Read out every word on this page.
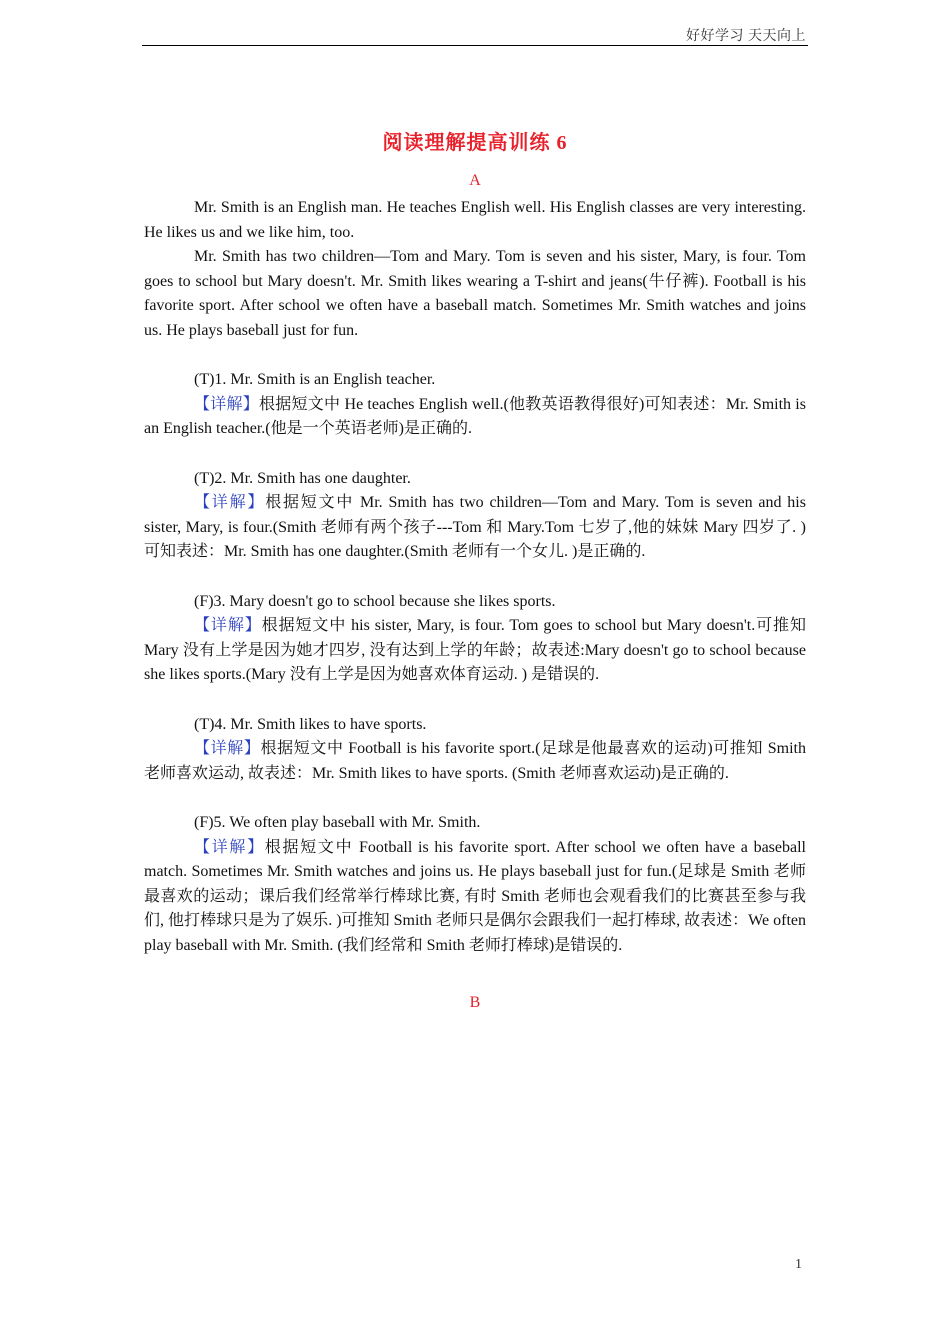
好好学习 天天向上
阅读理解提高训练 6
A

Mr. Smith is an English man. He teaches English well. His English classes are very interesting. He likes us and we like him, too.

Mr. Smith has two children—Tom and Mary. Tom is seven and his sister, Mary, is four. Tom goes to school but Mary doesn't. Mr. Smith likes wearing a T-shirt and jeans(牛仔裤). Football is his favorite sport. After school we often have a baseball match. Sometimes Mr. Smith watches and joins us. He plays baseball just for fun.

(T)1. Mr. Smith is an English teacher.

【详解】根据短文中 He teaches English well.(他教英语教得很好)可知表述：Mr. Smith is an English teacher.(他是一个英语老师)是正确的.

(T)2. Mr. Smith has one daughter.

【详解】根据短文中 Mr. Smith has two children—Tom and Mary. Tom is seven and his sister, Mary, is four.(Smith 老师有两个孩子---Tom 和 Mary.Tom 七岁了,他的妹妹 Mary 四岁了. ) 可知表述：Mr. Smith has one daughter.(Smith 老师有一个女儿. )是正确的.

(F)3. Mary doesn't go to school because she likes sports.

【详解】根据短文中 his sister, Mary, is four. Tom goes to school but Mary doesn't.可推知 Mary 没有上学是因为她才四岁, 没有达到上学的年龄；故表述:Mary doesn't go to school because she likes sports.(Mary 没有上学是因为她喜欢体育运动. ) 是错误的.

(T)4. Mr. Smith likes to have sports.

【详解】根据短文中 Football is his favorite sport.(足球是他最喜欢的运动)可推知 Smith 老师喜欢运动, 故表述：Mr. Smith likes to have sports. (Smith 老师喜欢运动)是正确的.

(F)5. We often play baseball with Mr. Smith.

【详解】根据短文中 Football is his favorite sport. After school we often have a baseball match. Sometimes Mr. Smith watches and joins us. He plays baseball just for fun.(足球是 Smith 老师最喜欢的运动；课后我们经常举行棒球比赛, 有时 Smith 老师也会观看我们的比赛甚至参与我们, 他打棒球只是为了娱乐. )可推知 Smith 老师只是偶尔会跟我们一起打棒球, 故表述：We often play baseball with Mr. Smith. (我们经常和 Smith 老师打棒球)是错误的.

B
1
